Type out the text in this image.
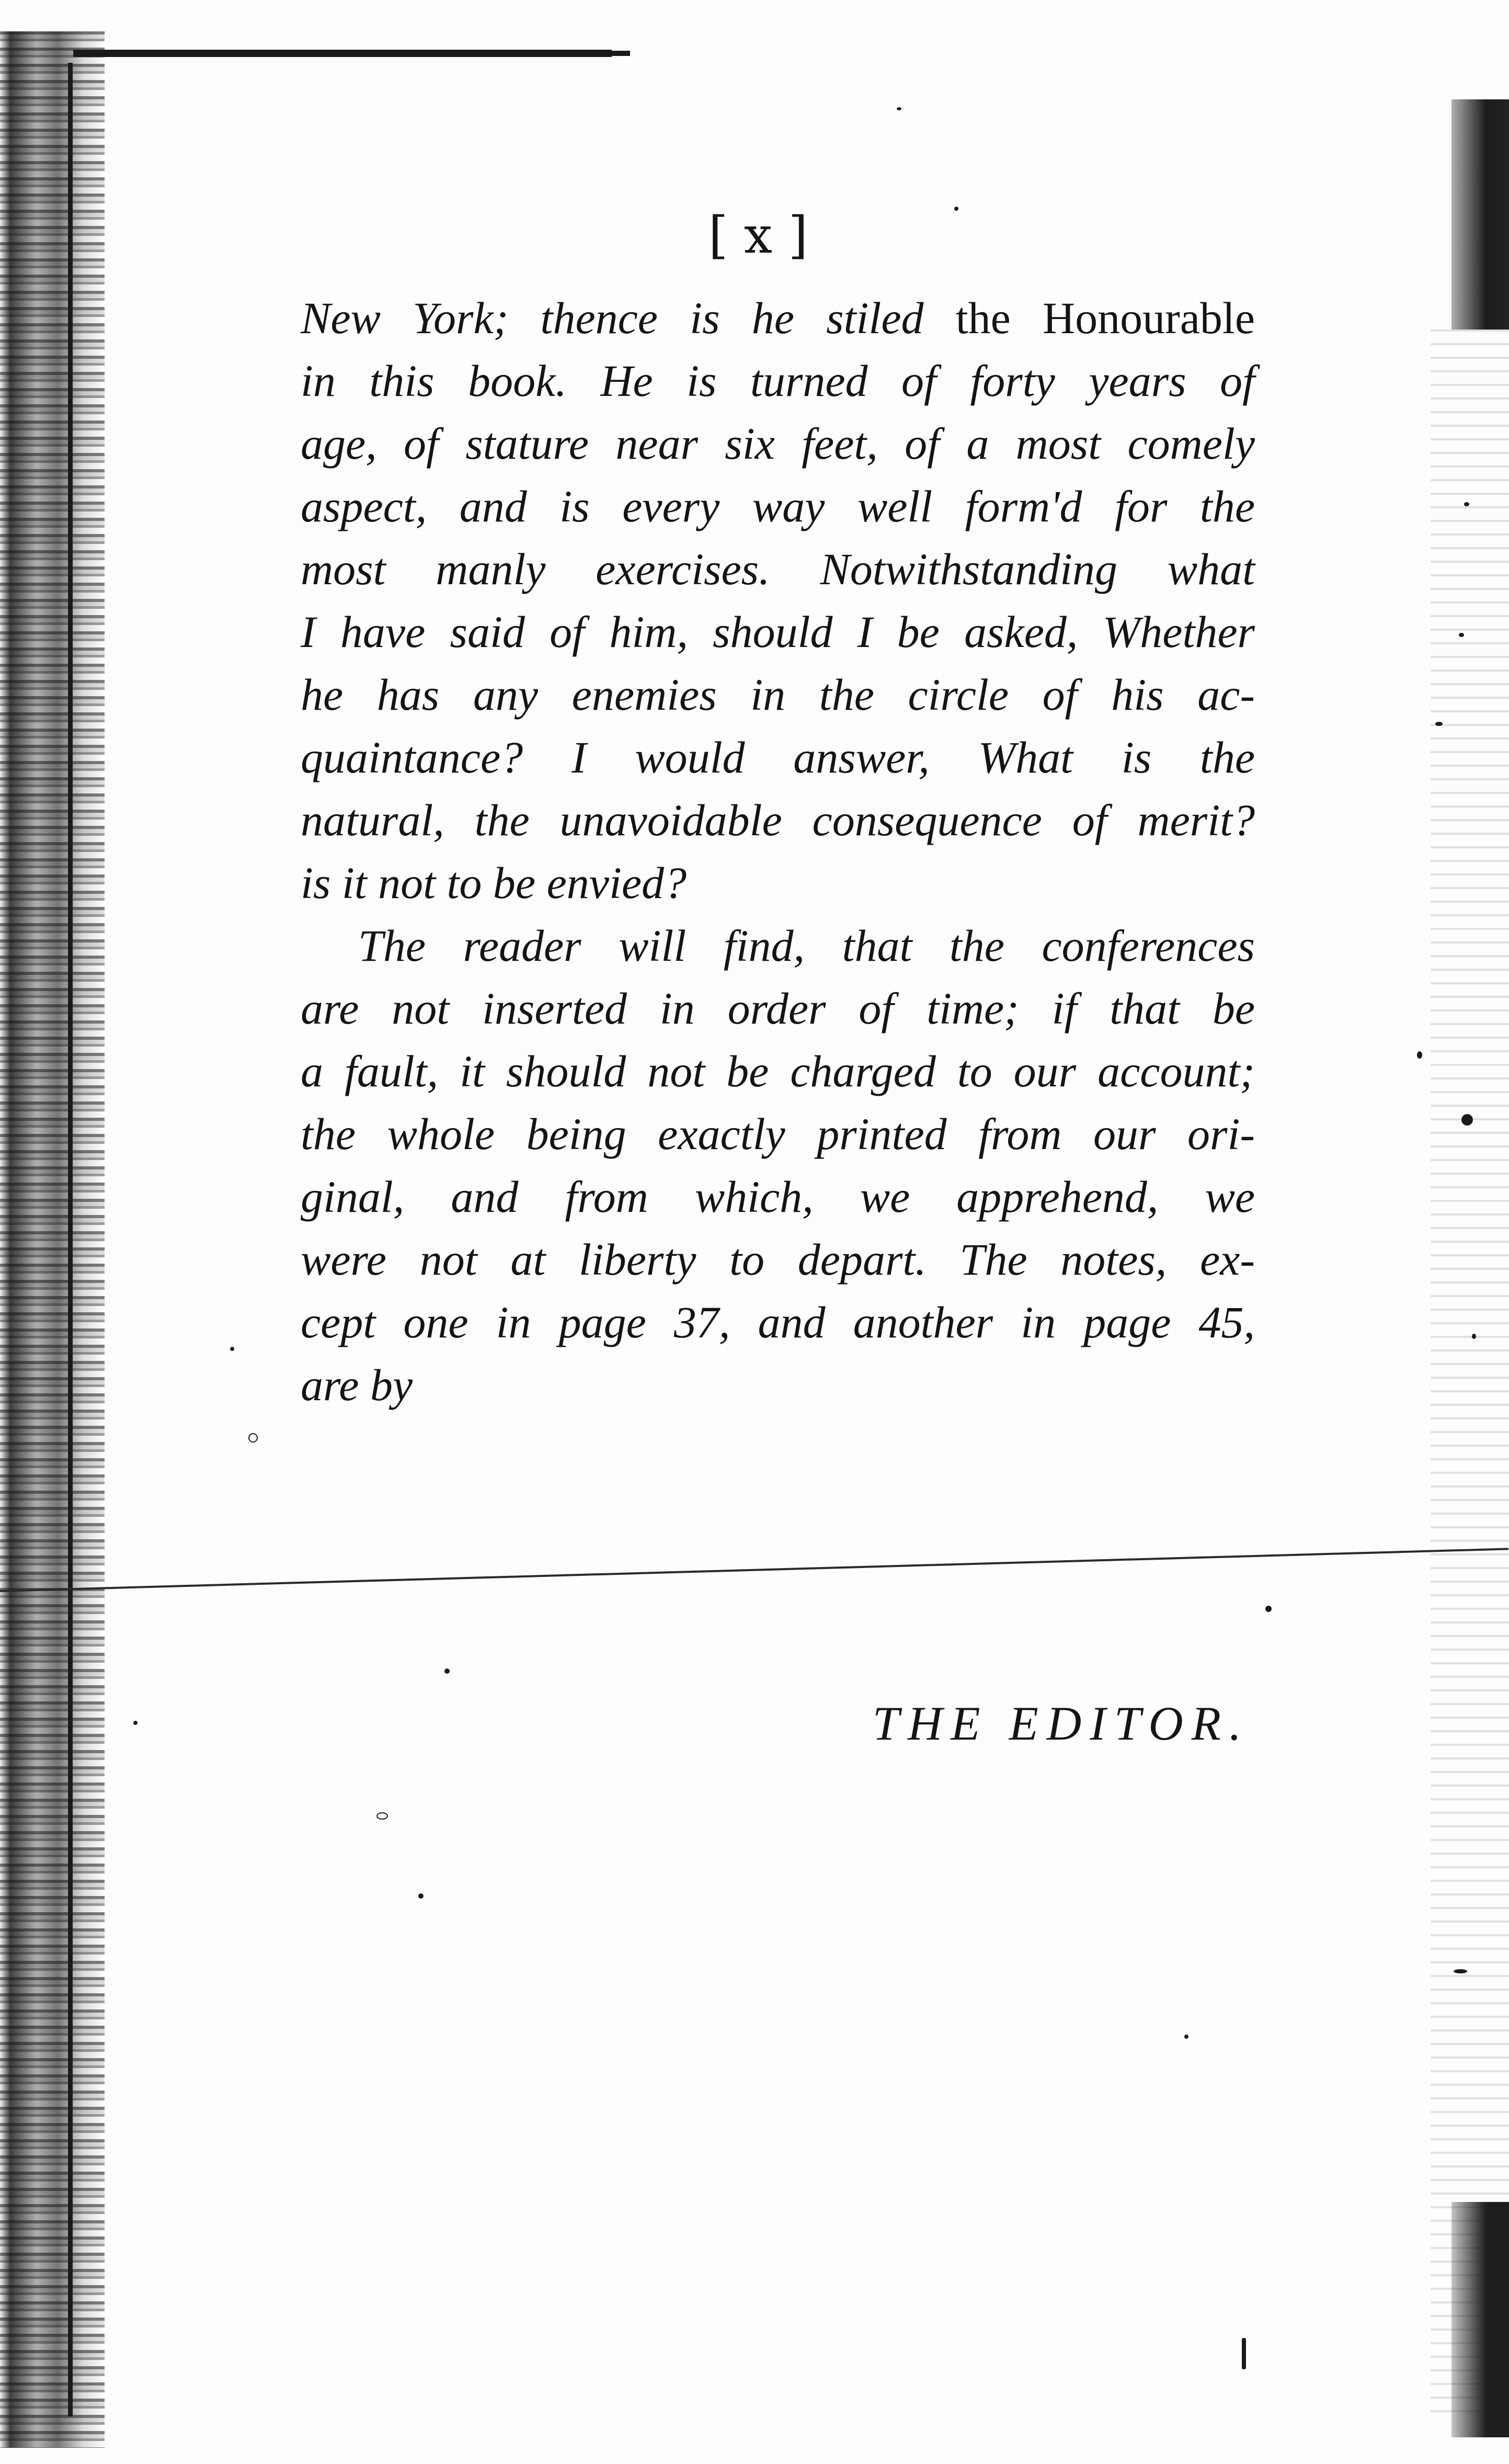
[ x ]
New York; thence is he stiled the Honourable
in this book. He is turned of forty years of
age, of stature near six feet, of a most comely
aspect, and is every way well form'd for the
most manly exercises. Notwithstanding what
I have said of him, should I be asked, Whether
he has any enemies in the circle of his ac-
quaintance? I would answer, What is the
natural, the unavoidable consequence of merit?
is it not to be envied?
The reader will find, that the conferences
are not inserted in order of time; if that be
a fault, it should not be charged to our account;
the whole being exactly printed from our ori-
ginal, and from which, we apprehend, we
were not at liberty to depart. The notes, ex-
cept one in page 37, and another in page 45,
are by
THE EDITOR.
